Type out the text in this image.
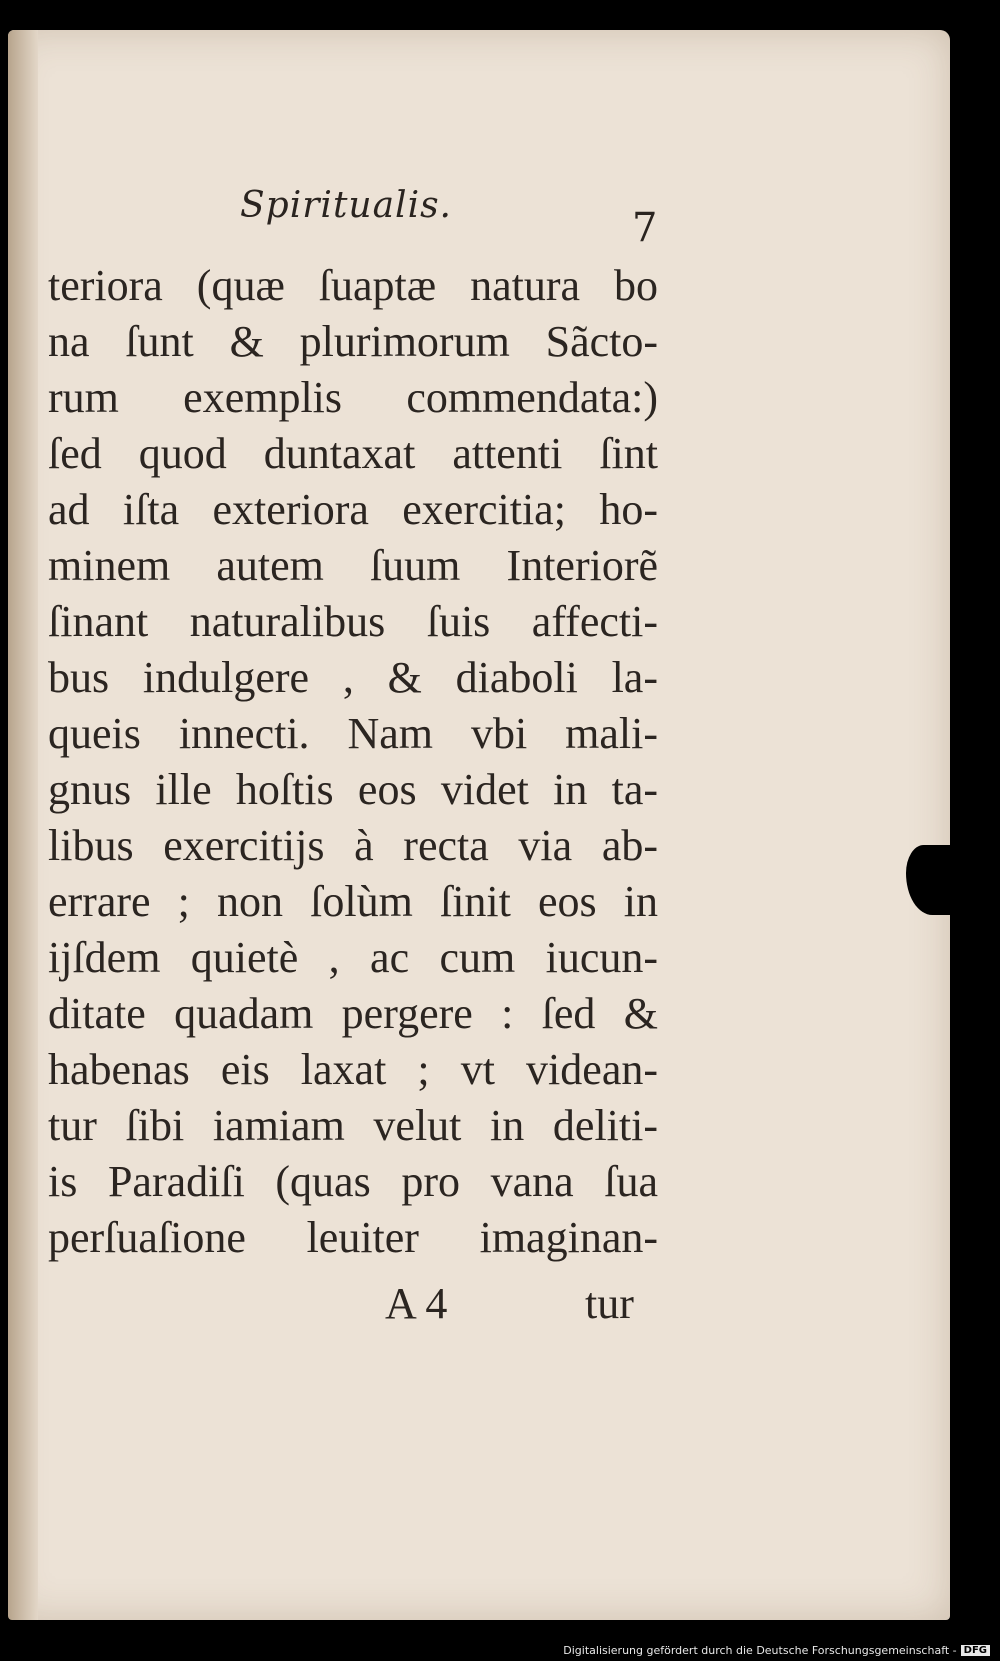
Spiritualis.	7
teriora (quæ ſuaptæ natura bo
na ſunt & plurimorum Sãcto-
rum exemplis commendata:)
ſed quod duntaxat attenti ſint
ad iſta exteriora exercitia; ho-
minem autem ſuum Interiorẽ
ſinant naturalibus ſuis affecti-
bus indulgere , & diaboli la-
queis innecti. Nam vbi mali-
gnus ille hoſtis eos videt in ta-
libus exercitijs à recta via ab-
errare ; non ſolùm ſinit eos in
ijſdem quietè , ac cum iucun-
ditate quadam pergere : ſed &
habenas eis laxat ; vt videan-
tur ſibi iamiam velut in deliti-
is Paradiſi (quas pro vana ſua
perſuaſione leuiter imaginan-
A 4	tur
Digitalisierung gefördert durch die Deutsche Forschungsgemeinschaft - DFG
